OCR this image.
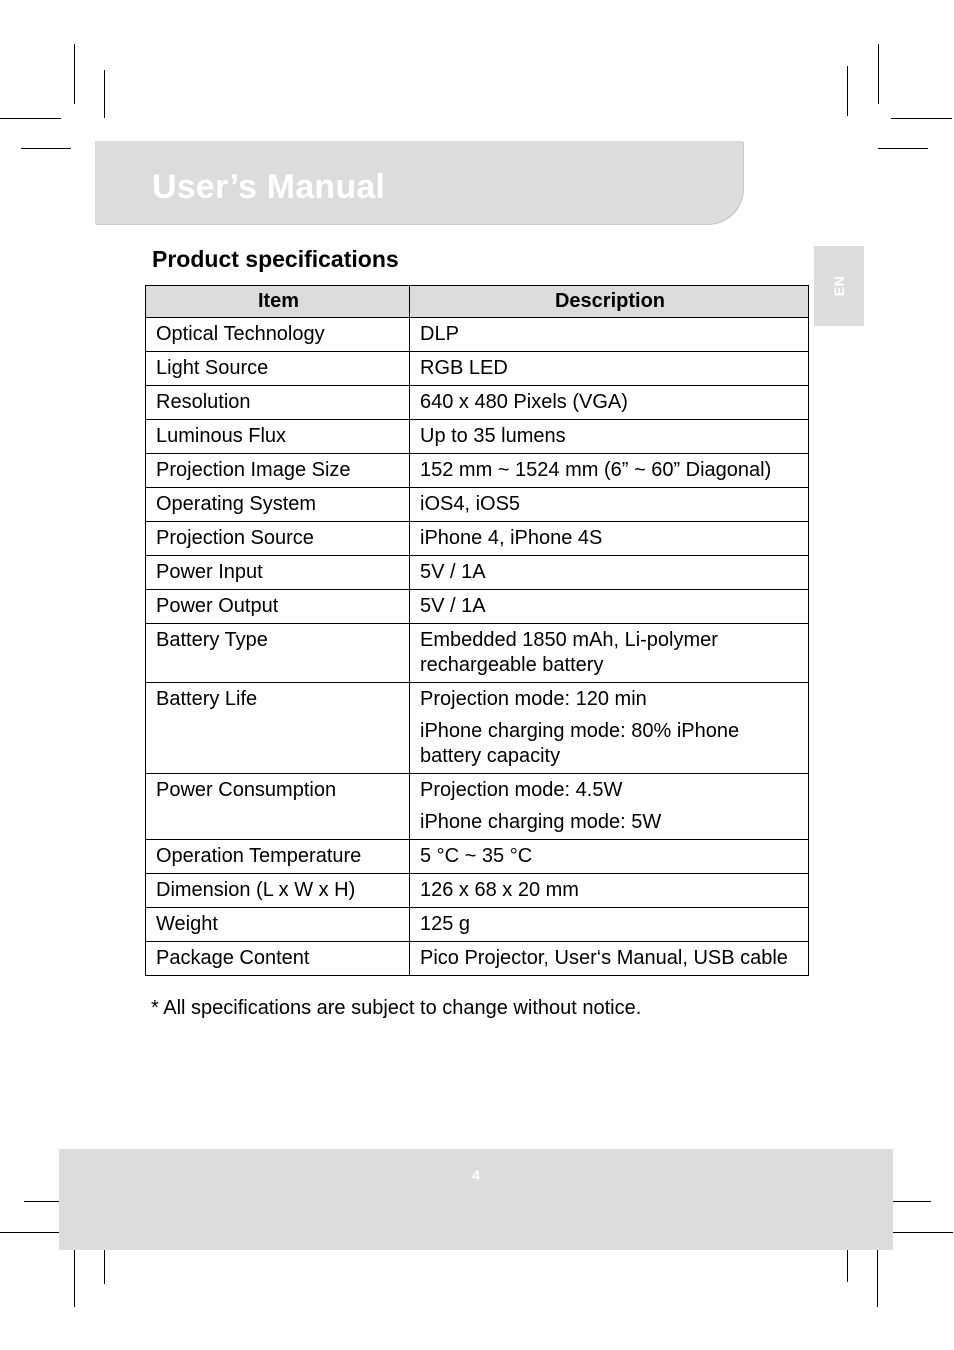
User’s Manual
EN
Product specifications
Item	Description
Optical Technology	DLP

Light Source	RGB LED

Resolution	640 x 480 Pixels (VGA)

Luminous Flux	Up to 35 lumens

Projection Image Size	152 mm ~ 1524 mm (6” ~ 60” Diagonal)

Operating System	iOS4, iOS5

Projection Source	iPhone 4, iPhone 4S

Power Input	5V / 1A

Power Output	5V / 1A

Battery Type	Embedded 1850 mAh, Li-polymer rechargeable battery

Battery Life	Projection mode: 120 min

iPhone charging mode: 80% iPhone battery capacity

Power Consumption	Projection mode: 4.5W

iPhone charging mode: 5W

Operation Temperature	5 °C ~ 35 °C

Dimension (L x W x H)	126 x 68 x 20 mm

Weight	125 g

Package Content	Pico Projector, User‘s Manual, USB cable

* All specifications are subject to change without notice.

4
